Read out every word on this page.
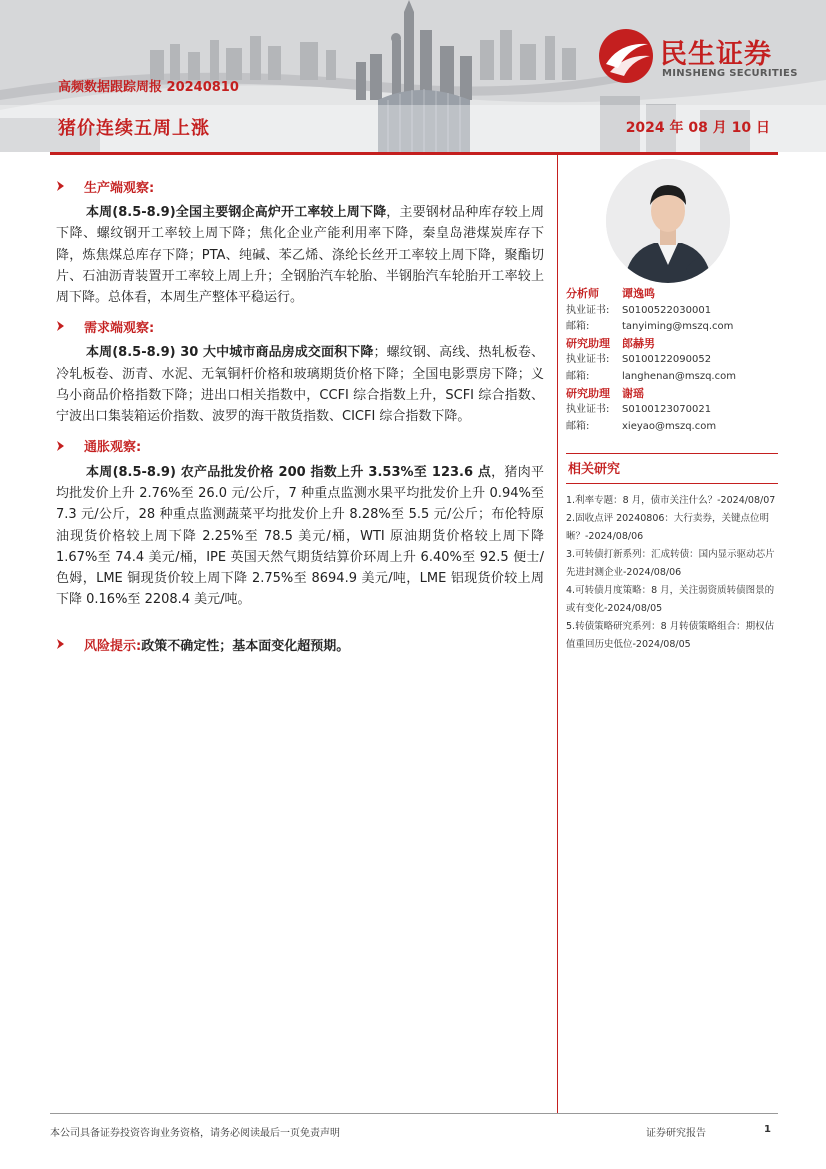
高频数据跟踪周报 20240810
猪价连续五周上涨	2024 年 08 月 10 日
民生证券
MINSHENG SECURITIES
生产端观察:

本周(8.5-8.9)全国主要钢企高炉开工率较上周下降，主要钢材品种库存较上周下降、螺纹钢开工率较上周下降；焦化企业产能利用率下降，秦皇岛港煤炭库存下降，炼焦煤总库存下降；PTA、纯碱、苯乙烯、涤纶长丝开工率较上周下降，聚酯切片、石油沥青装置开工率较上周上升；全钢胎汽车轮胎、半钢胎汽车轮胎开工率较上周下降。总体看，本周生产整体平稳运行。

需求端观察:

本周(8.5-8.9) 30 大中城市商品房成交面积下降；螺纹钢、高线、热轧板卷、冷轧板卷、沥青、水泥、无氧铜杆价格和玻璃期货价格下降；全国电影票房下降；义乌小商品价格指数下降；进出口相关指数中，CCFI 综合指数上升，SCFI 综合指数、宁波出口集装箱运价指数、波罗的海干散货指数、CICFI 综合指数下降。

通胀观察:

本周(8.5-8.9) 农产品批发价格 200 指数上升 3.53%至 123.6 点，猪肉平均批发价上升 2.76%至 26.0 元/公斤，7 种重点监测水果平均批发价上升 0.94%至 7.3 元/公斤，28 种重点监测蔬菜平均批发价上升 8.28%至 5.5 元/公斤；布伦特原油现货价格较上周下降 2.25%至 78.5 美元/桶，WTI 原油期货价格较上周下降 1.67%至 74.4 美元/桶，IPE 英国天然气期货结算价环周上升 6.40%至 92.5 便士/ 色姆，LME 铜现货价较上周下降 2.75%至 8694.9 美元/吨，LME 铝现货价较上周下降 0.16%至 2208.4 美元/吨。

风险提示:政策不确定性；基本面变化超预期。
分析师	谭逸鸣
执业证书:	S0100522030001
邮箱:	tanyiming@mszq.com
研究助理	郎赫男
执业证书:	S0100122090052
邮箱:	langhenan@mszq.com
研究助理	谢瑶
执业证书:	S0100123070021
邮箱:	xieyao@mszq.com
相关研究
1.利率专题：8 月，债市关注什么？-2024/08/07
2.固收点评 20240806：大行卖券，关键点位明晰？-2024/08/06
3.可转债打新系列：汇成转债：国内显示驱动芯片先进封测企业-2024/08/06
4.可转债月度策略：8 月，关注弱资质转债图景的或有变化-2024/08/05
5.转债策略研究系列：8 月转债策略组合：期权估值重回历史低位-2024/08/05
本公司具备证券投资咨询业务资格，请务必阅读最后一页免责声明	证券研究报告	1
